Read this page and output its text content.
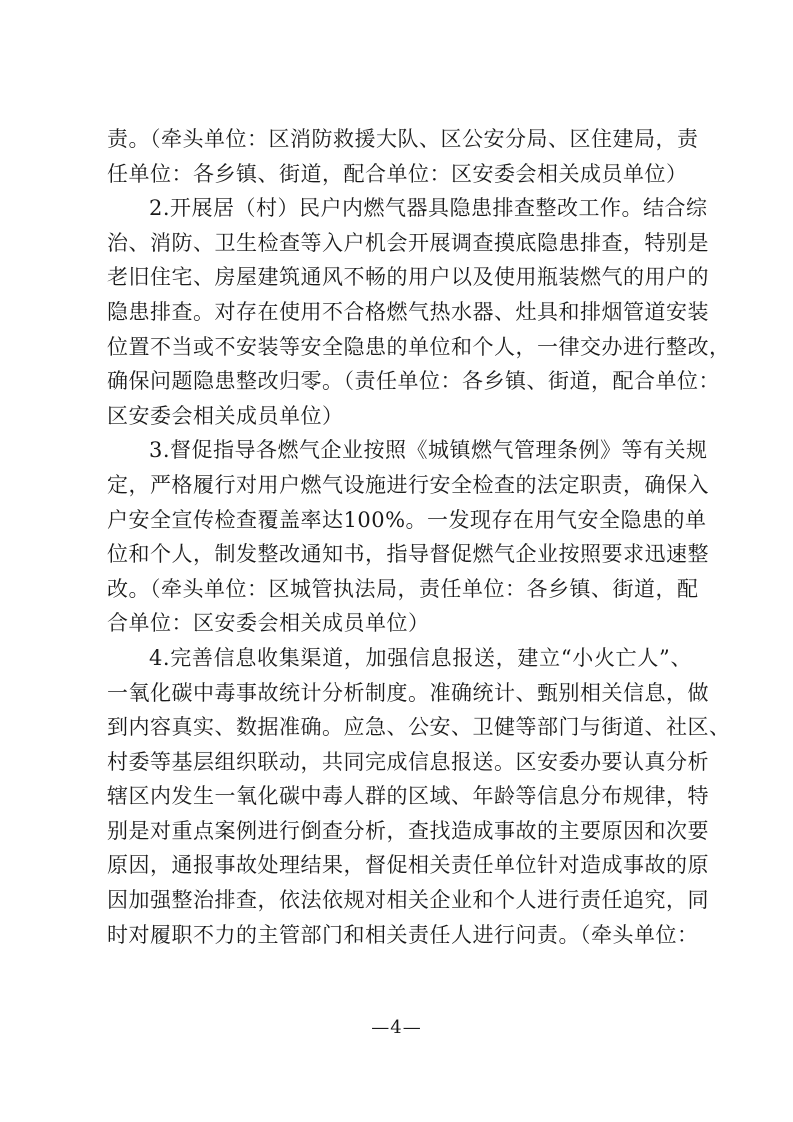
责。（牵头单位：区消防救援大队、区公安分局、区住建局，责
任单位：各乡镇、街道，配合单位：区安委会相关成员单位）
2.开展居（村）民户内燃气器具隐患排查整改工作。结合综
治、消防、卫生检查等入户机会开展调查摸底隐患排查，特别是
老旧住宅、房屋建筑通风不畅的用户以及使用瓶装燃气的用户的
隐患排查。对存在使用不合格燃气热水器、灶具和排烟管道安装
位置不当或不安装等安全隐患的单位和个人，一律交办进行整改，
确保问题隐患整改归零。（责任单位：各乡镇、街道，配合单位：
区安委会相关成员单位）
3.督促指导各燃气企业按照《城镇燃气管理条例》等有关规
定，严格履行对用户燃气设施进行安全检查的法定职责，确保入
户安全宣传检查覆盖率达100%。一发现存在用气安全隐患的单
位和个人，制发整改通知书，指导督促燃气企业按照要求迅速整
改。（牵头单位：区城管执法局，责任单位：各乡镇、街道，配
合单位：区安委会相关成员单位）
4.完善信息收集渠道，加强信息报送，建立“小火亡人”、
一氧化碳中毒事故统计分析制度。准确统计、甄别相关信息，做
到内容真实、数据准确。应急、公安、卫健等部门与街道、社区、
村委等基层组织联动，共同完成信息报送。区安委办要认真分析
辖区内发生一氧化碳中毒人群的区域、年龄等信息分布规律，特
别是对重点案例进行倒查分析，查找造成事故的主要原因和次要
原因，通报事故处理结果，督促相关责任单位针对造成事故的原
因加强整治排查，依法依规对相关企业和个人进行责任追究，同
时对履职不力的主管部门和相关责任人进行问责。（牵头单位：
—4—
